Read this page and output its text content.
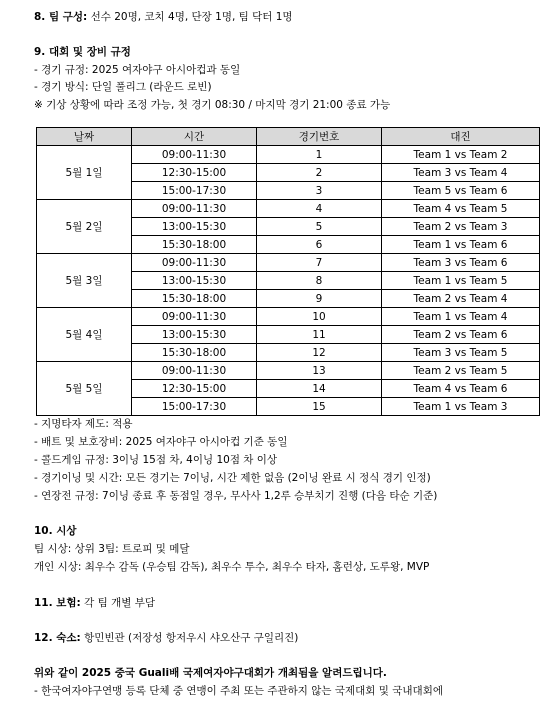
8. 팀 구성: 선수 20명, 코치 4명, 단장 1명, 팀 닥터 1명
9. 대회 및 장비 규정
- 경기 규정: 2025 여자야구 아시아컵과 동일
- 경기 방식: 단일 풀리그 (라운드 로빈)
※ 기상 상황에 따라 조정 가능, 첫 경기 08:30 / 마지막 경기 21:00 종료 가능
날짜	시간	경기번호	대진
5월 1일	09:00-11:30	1	Team 1 vs Team 2
	12:30-15:00	2	Team 3 vs Team 4
	15:00-17:30	3	Team 5 vs Team 6
5월 2일	09:00-11:30	4	Team 4 vs Team 5
	13:00-15:30	5	Team 2 vs Team 3
	15:30-18:00	6	Team 1 vs Team 6
5월 3일	09:00-11:30	7	Team 3 vs Team 6
	13:00-15:30	8	Team 1 vs Team 5
	15:30-18:00	9	Team 2 vs Team 4
5월 4일	09:00-11:30	10	Team 1 vs Team 4
	13:00-15:30	11	Team 2 vs Team 6
	15:30-18:00	12	Team 3 vs Team 5
5월 5일	09:00-11:30	13	Team 2 vs Team 5
	12:30-15:00	14	Team 4 vs Team 6
	15:00-17:30	15	Team 1 vs Team 3
- 지명타자 제도: 적용
- 배트 및 보호장비: 2025 여자야구 아시아컵 기준 동일
- 콜드게임 규정: 3이닝 15점 차, 4이닝 10점 차 이상
- 경기이닝 및 시간: 모든 경기는 7이닝, 시간 제한 없음 (2이닝 완료 시 정식 경기 인정)
- 연장전 규정: 7이닝 종료 후 동점일 경우, 무사사 1,2루 승부치기 진행 (다음 타순 기준)
10. 시상
팀 시상: 상위 3팀: 트로피 및 메달
개인 시상: 최우수 감독 (우승팀 감독), 최우수 투수, 최우수 타자, 홈런상, 도루왕, MVP
11. 보험: 각 팀 개별 부담
12. 숙소: 항민빈관 (저장성 항저우시 샤오산구 구일리진)
위와 같이 2025 중국 Guali배 국제여자야구대회가 개최됨을 알려드립니다.
- 한국여자야구연맹 등록 단체 중 연맹이 주최 또는 주관하지 않는 국제대회 및 국내대회에
